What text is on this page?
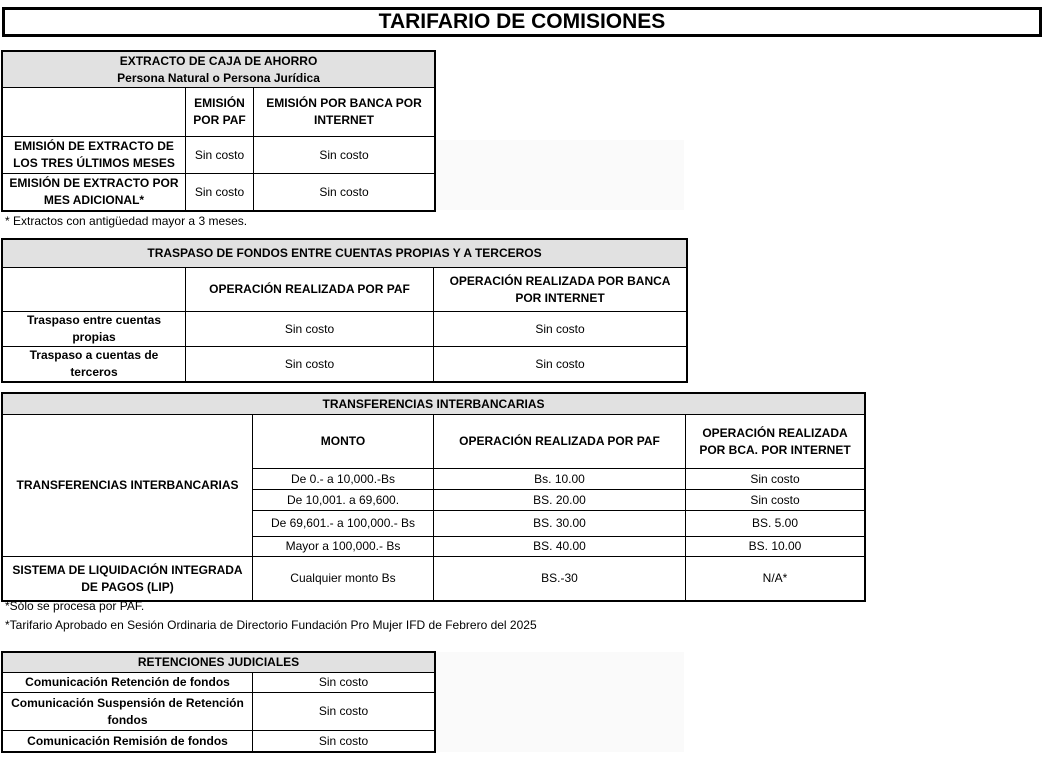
TARIFARIO DE COMISIONES
EXTRACTO DE CAJA DE AHORRO
Persona Natural o Persona Jurídica		

	EMISIÓN POR PAF	EMISIÓN POR BANCA POR INTERNET
EMISIÓN DE EXTRACTO DE LOS TRES ÚLTIMOS MESES	Sin costo	Sin costo
EMISIÓN DE EXTRACTO POR MES ADICIONAL*	Sin costo	Sin costo
* Extractos con antigüedad mayor a 3 meses.
TRASPASO DE FONDOS ENTRE CUENTAS PROPIAS Y A TERCEROS		
	OPERACIÓN REALIZADA POR PAF	OPERACIÓN REALIZADA POR BANCA POR INTERNET
Traspaso entre cuentas propias	Sin costo	Sin costo
Traspaso a cuentas de terceros	Sin costo	Sin costo
TRANSFERENCIAS INTERBANCARIAS			
TRANSFERENCIAS INTERBANCARIAS	MONTO	OPERACIÓN REALIZADA POR PAF	OPERACIÓN REALIZADA POR BCA. POR INTERNET
	De 0.- a 10,000.-Bs	Bs. 10.00	Sin costo
	De 10,001. a 69,600.	BS. 20.00	Sin costo
	De 69,601.- a 100,000.- Bs	BS. 30.00	BS. 5.00
	Mayor a 100,000.- Bs	BS. 40.00	BS. 10.00
SISTEMA DE LIQUIDACIÓN INTEGRADA DE PAGOS (LIP)	Cualquier monto Bs	BS.-30	N/A*
*Sólo se procesa por PAF.
*Tarifario Aprobado en Sesión Ordinaria de Directorio Fundación Pro Mujer IFD de Febrero del 2025
RETENCIONES JUDICIALES	
Comunicación Retención de fondos	Sin costo
Comunicación Suspensión de Retención fondos	Sin costo
Comunicación Remisión de fondos	Sin costo
